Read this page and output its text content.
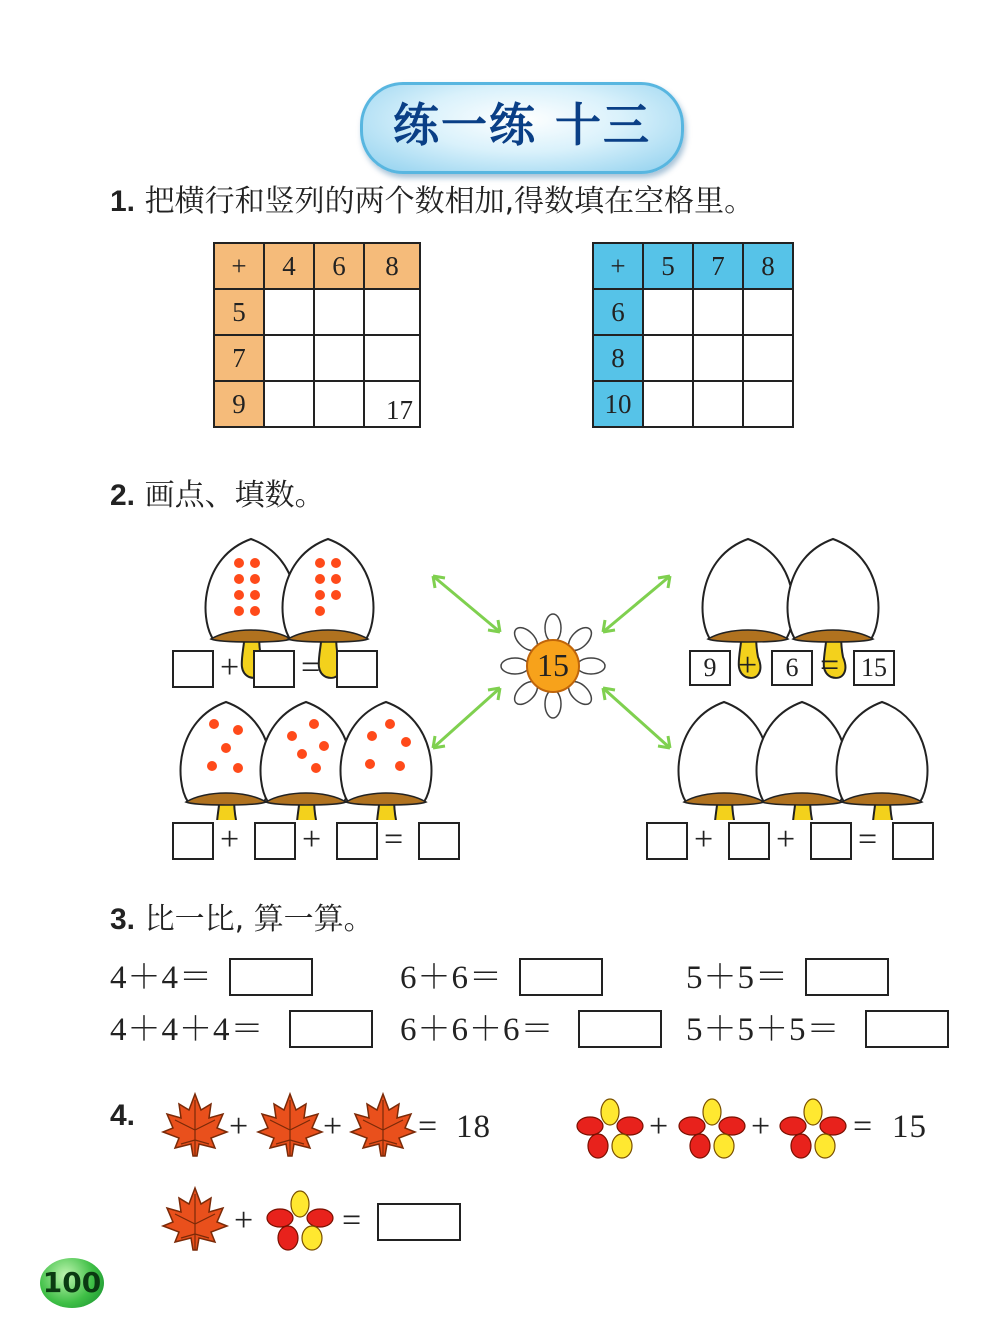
练一练 十三
1. 把横行和竖列的两个数相加,得数填在空格里。
+	4	6	8
5			
7			
9			17
+	5	7	8
6			
8			
10			
2. 画点、填数。
15
+ =	9 +	6 = 15
+ + =	+ + =
3. 比一比, 算一算。
4＋4＝	6＋6＝	5＋5＝
4＋4＋4＝	6＋6＋6＝	5＋5＋5＝
4.	+ + = 18	+ + = 15
+	=
100
